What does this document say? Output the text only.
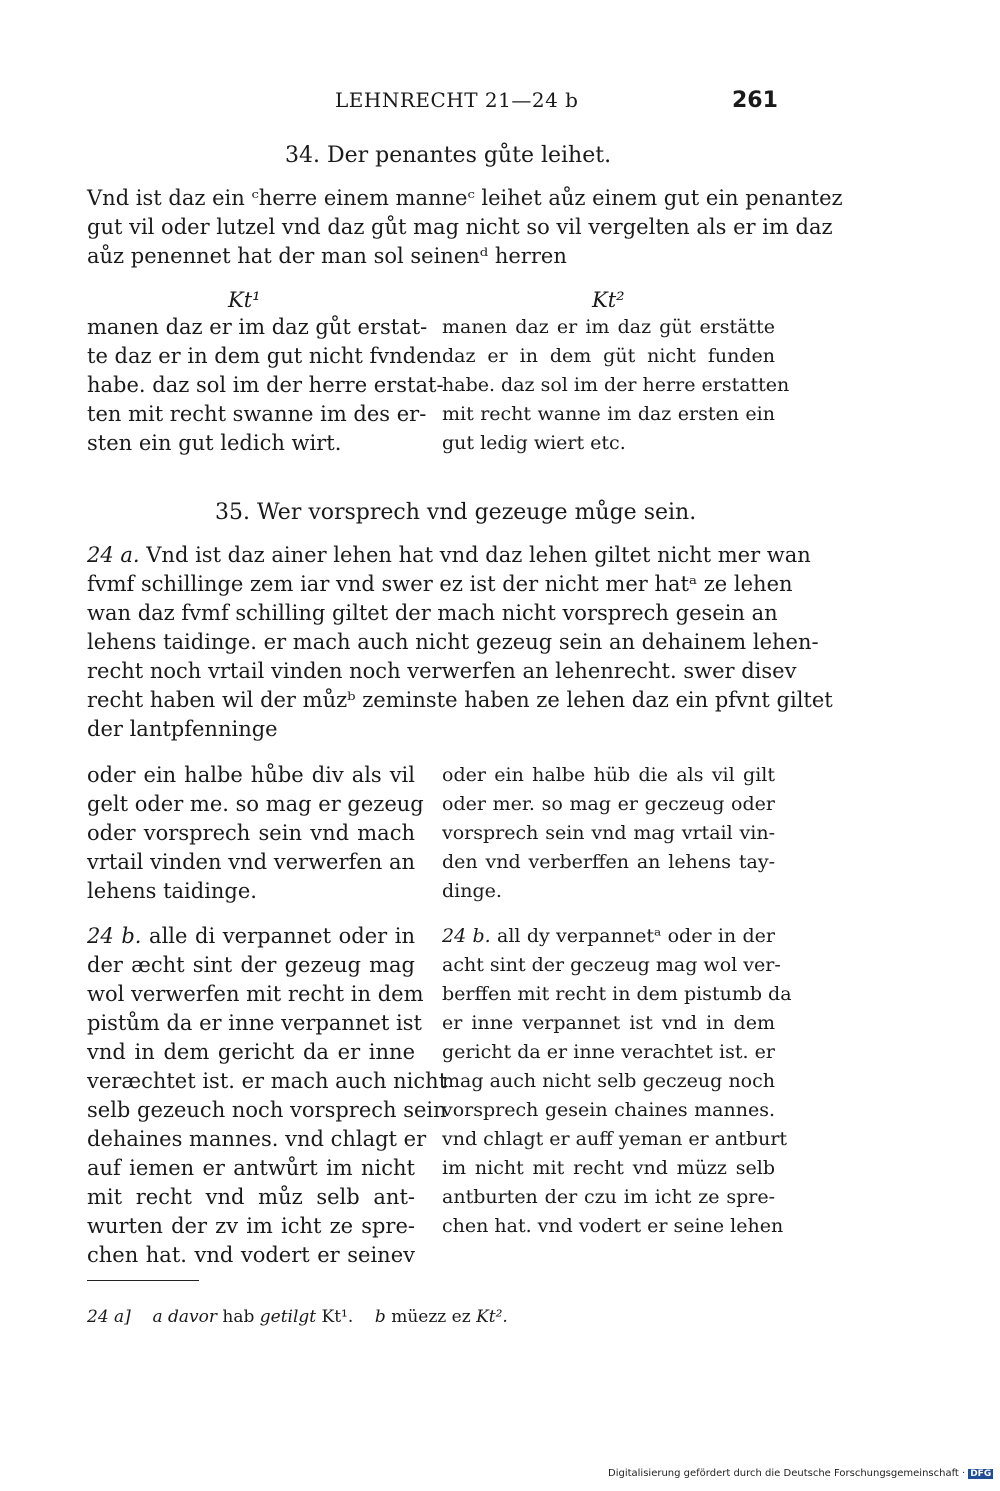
LEHNRECHT 21—24 b	261
34. Der penantes gůte leihet.
Vnd ist daz ein ᶜherre einem manneᶜ leihet aůz einem gut ein penantez
gut vil oder lutzel vnd daz gůt mag nicht so vil vergelten als er im daz
aůz penennet hat der man sol seinenᵈ herren
Kt¹	Kt²
manen daz er im daz gůt erstat-
te daz er in dem gut nicht fvnden
habe. daz sol im der herre erstat-
ten mit recht swanne im des er-
sten ein gut ledich wirt.
manen daz er im daz güt erstätte
daz er in dem güt nicht funden
habe. daz sol im der herre erstatten
mit recht wanne im daz ersten ein
gut ledig wiert etc.
35. Wer vorsprech vnd gezeuge můge sein.
24 a. Vnd ist daz ainer lehen hat vnd daz lehen giltet nicht mer wan
fvmf schillinge zem iar vnd swer ez ist der nicht mer hatᵃ ze lehen
wan daz fvmf schilling giltet der mach nicht vorsprech gesein an
lehens taidinge. er mach auch nicht gezeug sein an dehainem lehen-
recht noch vrtail vinden noch verwerfen an lehenrecht. swer disev
recht haben wil der můzᵇ zeminste haben ze lehen daz ein pfvnt giltet
der lantpfenninge
oder ein halbe hůbe div als vil
gelt oder me. so mag er gezeug
oder vorsprech sein vnd mach
vrtail vinden vnd verwerfen an
lehens taidinge.
oder ein halbe hüb die als vil gilt
oder mer. so mag er geczeug oder
vorsprech sein vnd mag vrtail vin-
den vnd verberffen an lehens tay-
dinge.
24 b. alle di verpannet oder in
der æcht sint der gezeug mag
wol verwerfen mit recht in dem
pistům da er inne verpannet ist
vnd in dem gericht da er inne
veræchtet ist. er mach auch nicht
selb gezeuch noch vorsprech sein
dehaines mannes. vnd chlagt er
auf iemen er antwůrt im nicht
mit recht vnd můz selb ant-
wurten der zv im icht ze spre-
chen hat. vnd vodert er seinev
24 b. all dy verpannetᵃ oder in der
acht sint der geczeug mag wol ver-
berffen mit recht in dem pistumb da
er inne verpannet ist vnd in dem
gericht da er inne verachtet ist. er
mag auch nicht selb geczeug noch
vorsprech gesein chaines mannes.
vnd chlagt er auff yeman er antburt
im nicht mit recht vnd müzz selb
antburten der czu im icht ze spre-
chen hat. vnd vodert er seine lehen
24 a] a davor hab getilgt Kt¹. b müezz ez Kt².
Digitalisierung gefördert durch die Deutsche Forschungsgemeinschaft · DFG
